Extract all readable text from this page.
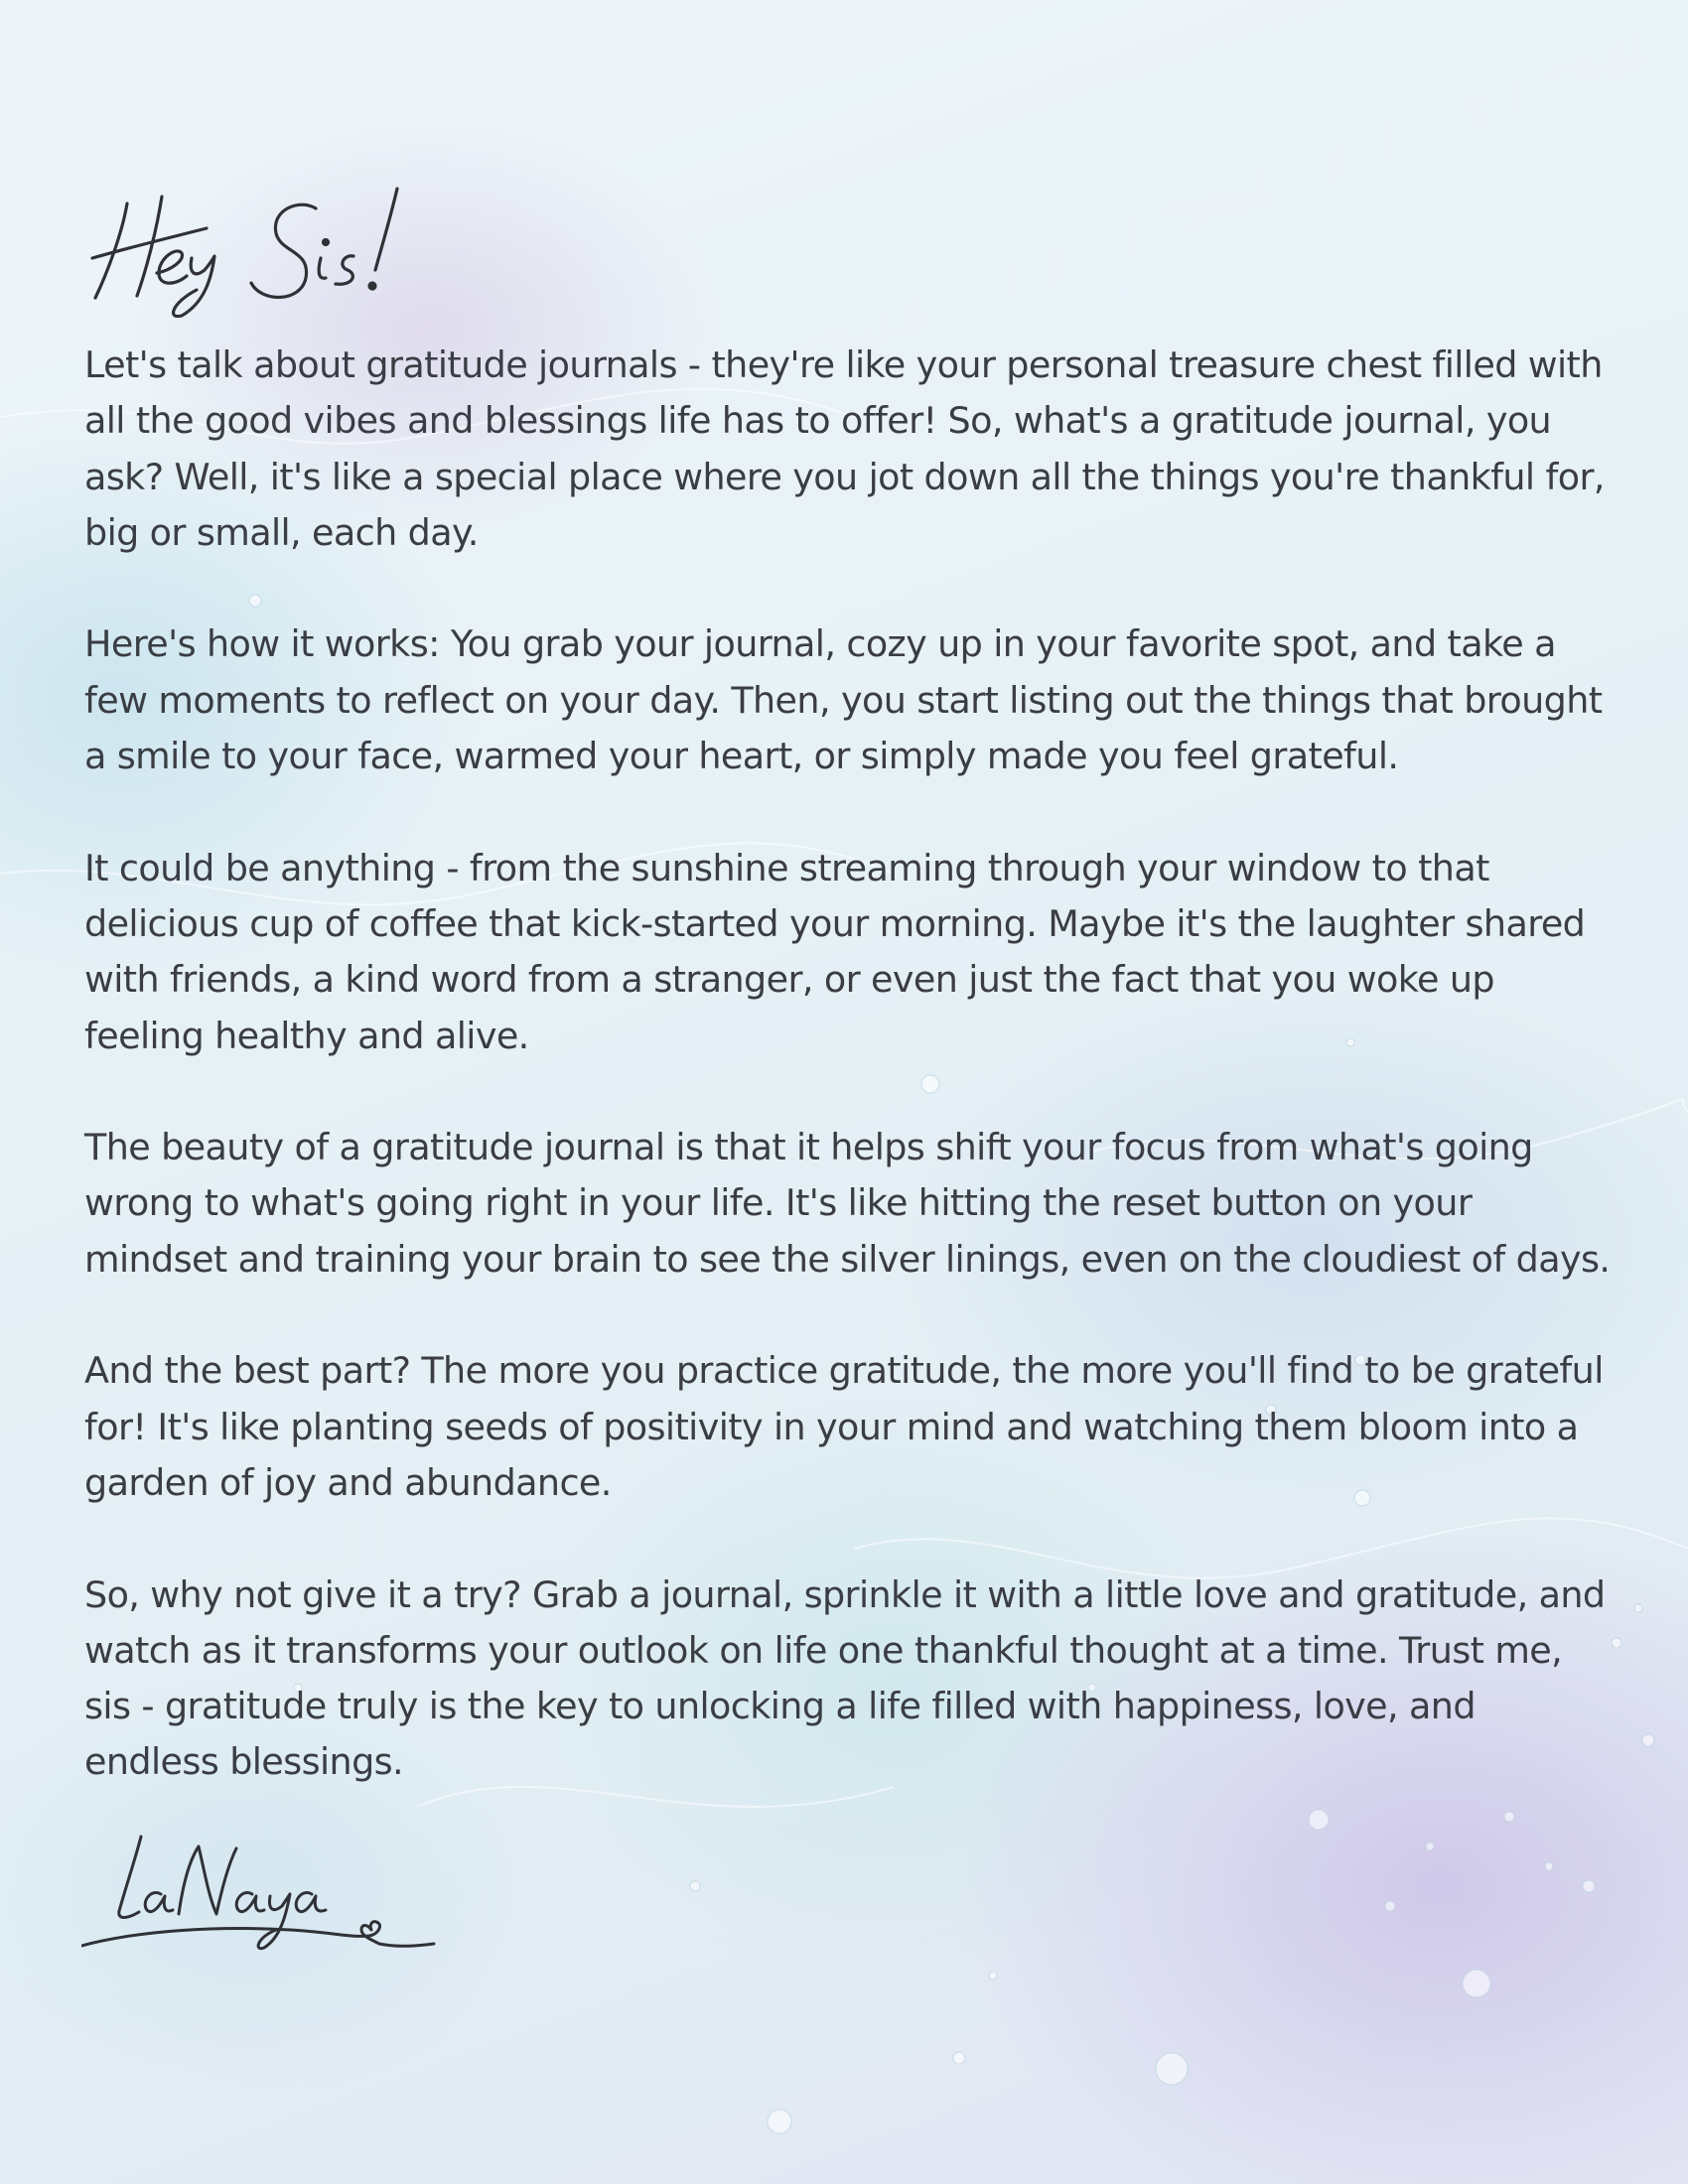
Let's talk about gratitude journals - they're like your personal treasure chest filled with all the good vibes and blessings life has to offer! So, what's a gratitude journal, you ask? Well, it's like a special place where you jot down all the things you're thankful for, big or small, each day.

Here's how it works: You grab your journal, cozy up in your favorite spot, and take a few moments to reflect on your day. Then, you start listing out the things that brought a smile to your face, warmed your heart, or simply made you feel grateful.

It could be anything - from the sunshine streaming through your window to that delicious cup of coffee that kick-started your morning. Maybe it's the laughter shared with friends, a kind word from a stranger, or even just the fact that you woke up feeling healthy and alive.

The beauty of a gratitude journal is that it helps shift your focus from what's going wrong to what's going right in your life. It's like hitting the reset button on your mindset and training your brain to see the silver linings, even on the cloudiest of days.

And the best part? The more you practice gratitude, the more you'll find to be grateful for! It's like planting seeds of positivity in your mind and watching them bloom into a garden of joy and abundance.

So, why not give it a try? Grab a journal, sprinkle it with a little love and gratitude, and watch as it transforms your outlook on life one thankful thought at a time. Trust me, sis - gratitude truly is the key to unlocking a life filled with happiness, love, and endless blessings.
